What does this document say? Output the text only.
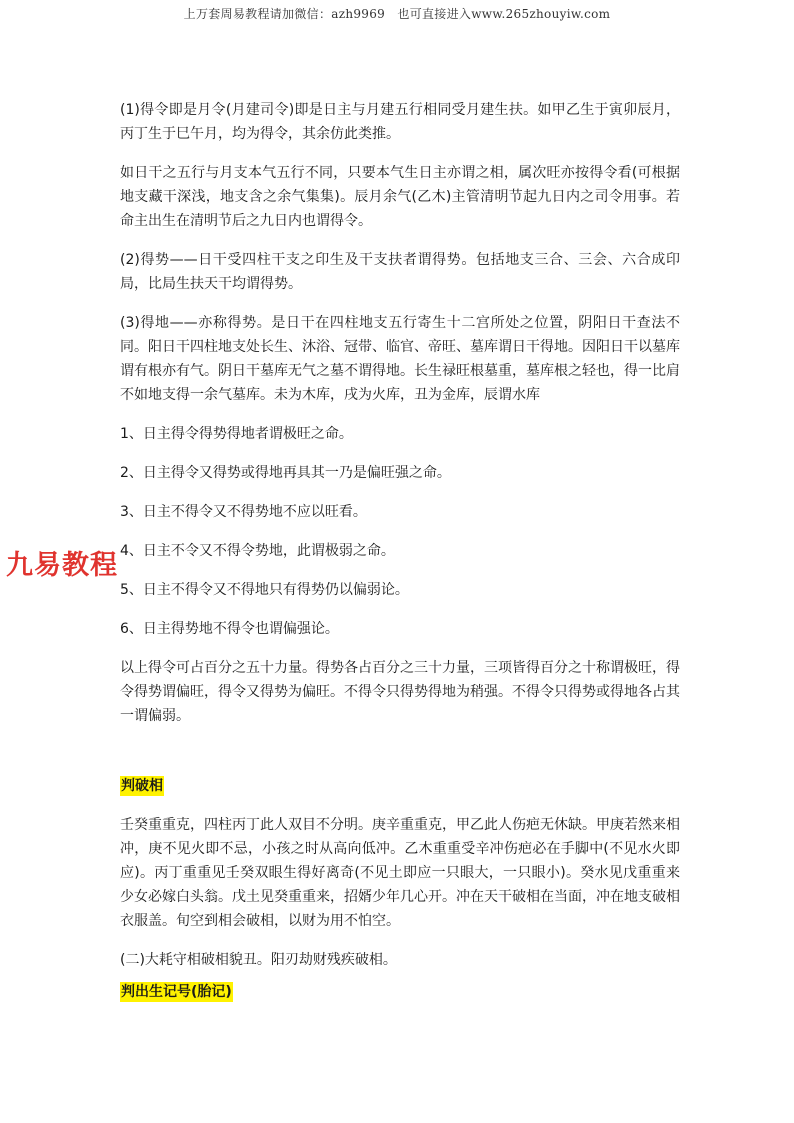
上万套周易教程请加微信：azh9969　也可直接进入www.265zhouyiw.com
九易教程

(1)得令即是月令(月建司令)即是日主与月建五行相同受月建生扶。如甲乙生于寅卯辰月，丙丁生于巳午月，均为得令，其余仿此类推。

如日干之五行与月支本气五行不同，只要本气生日主亦谓之相，属次旺亦按得令看(可根据地支藏干深浅，地支含之余气集集)。辰月余气(乙木)主管清明节起九日内之司令用事。若命主出生在清明节后之九日内也谓得令。

(2)得势——日干受四柱干支之印生及干支扶者谓得势。包括地支三合、三会、六合成印局，比局生扶天干均谓得势。

(3)得地——亦称得势。是日干在四柱地支五行寄生十二宫所处之位置，阴阳日干查法不同。阳日干四柱地支处长生、沐浴、冠带、临官、帝旺、墓库谓日干得地。因阳日干以墓库谓有根亦有气。阴日干墓库无气之墓不谓得地。长生禄旺根墓重，墓库根之轻也，得一比肩不如地支得一余气墓库。未为木库，戌为火库，丑为金库，辰谓水库

1、日主得令得势得地者谓极旺之命。

2、日主得令又得势或得地再具其一乃是偏旺强之命。

3、日主不得令又不得势地不应以旺看。

4、日主不令又不得令势地，此谓极弱之命。

5、日主不得令又不得地只有得势仍以偏弱论。

6、日主得势地不得令也谓偏强论。

以上得令可占百分之五十力量。得势各占百分之三十力量，三项皆得百分之十称谓极旺，得令得势谓偏旺，得令又得势为偏旺。不得令只得势得地为稍强。不得令只得势或得地各占其一谓偏弱。

判破相

壬癸重重克，四柱丙丁此人双目不分明。庚辛重重克，甲乙此人伤疤无休缺。甲庚若然来相冲，庚不见火即不忌，小孩之时从高向低冲。乙木重重受辛冲伤疤必在手脚中(不见水火即应)。丙丁重重见壬癸双眼生得好离奇(不见土即应一只眼大，一只眼小)。癸水见戊重重来少女必嫁白头翁。戊土见癸重重来，招婿少年几心开。冲在天干破相在当面，冲在地支破相衣服盖。旬空到相会破相，以财为用不怕空。

(二)大耗守相破相貌丑。阳刃劫财残疾破相。

判出生记号(胎记)
